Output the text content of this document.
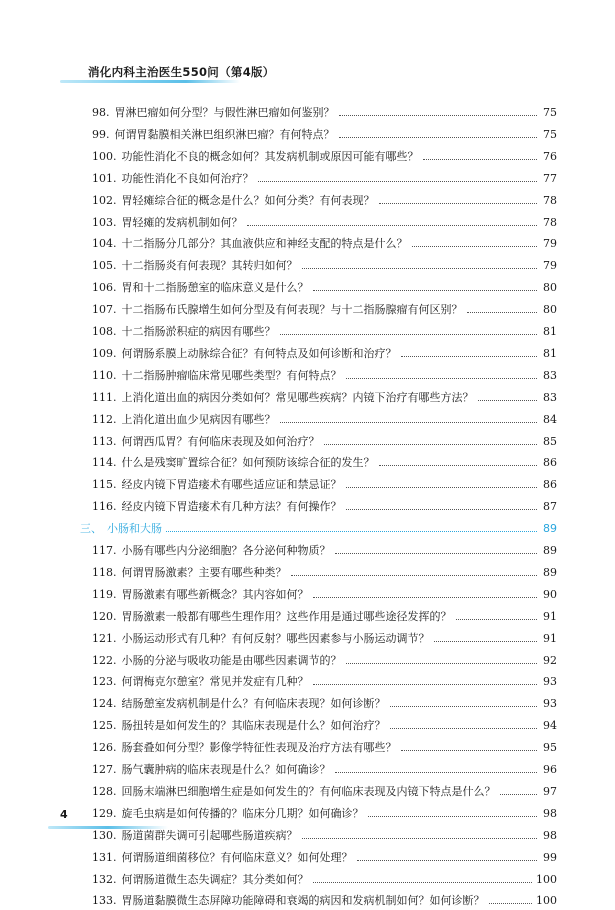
消化内科主治医生550问（第4版）
98. 胃淋巴瘤如何分型？与假性淋巴瘤如何鉴别？	75
99. 何谓胃黏膜相关淋巴组织淋巴瘤？有何特点？	75
100. 功能性消化不良的概念如何？其发病机制或原因可能有哪些？	76
101. 功能性消化不良如何治疗？	77
102. 胃轻瘫综合征的概念是什么？如何分类？有何表现？	78
103. 胃轻瘫的发病机制如何？	78
104. 十二指肠分几部分？其血液供应和神经支配的特点是什么？	79
105. 十二指肠炎有何表现？其转归如何？	79
106. 胃和十二指肠憩室的临床意义是什么？	80
107. 十二指肠布氏腺增生如何分型及有何表现？与十二指肠腺瘤有何区别？	80
108. 十二指肠淤积症的病因有哪些？	81
109. 何谓肠系膜上动脉综合征？有何特点及如何诊断和治疗？	81
110. 十二指肠肿瘤临床常见哪些类型？有何特点？	83
111. 上消化道出血的病因分类如何？常见哪些疾病？内镜下治疗有哪些方法？	83
112. 上消化道出血少见病因有哪些？	84
113. 何谓西瓜胃？有何临床表现及如何治疗？	85
114. 什么是残窦旷置综合征？如何预防该综合征的发生？	86
115. 经皮内镜下胃造瘘术有哪些适应证和禁忌证？	86
116. 经皮内镜下胃造瘘术有几种方法？有何操作？	87
三、 小肠和大肠	89
117. 小肠有哪些内分泌细胞？各分泌何种物质？	89
118. 何谓胃肠激素？主要有哪些种类？	89
119. 胃肠激素有哪些新概念？其内容如何？	90
120. 胃肠激素一般都有哪些生理作用？这些作用是通过哪些途径发挥的？	91
121. 小肠运动形式有几种？有何反射？哪些因素参与小肠运动调节？	91
122. 小肠的分泌与吸收功能是由哪些因素调节的？	92
123. 何谓梅克尔憩室？常见并发症有几种？	93
124. 结肠憩室发病机制是什么？有何临床表现？如何诊断？	93
125. 肠扭转是如何发生的？其临床表现是什么？如何治疗？	94
126. 肠套叠如何分型？影像学特征性表现及治疗方法有哪些？	95
127. 肠气囊肿病的临床表现是什么？如何确诊？	96
128. 回肠末端淋巴细胞增生症是如何发生的？有何临床表现及内镜下特点是什么？	97
129. 旋毛虫病是如何传播的？临床分几期？如何确诊？	98
130. 肠道菌群失调可引起哪些肠道疾病？	98
131. 何谓肠道细菌移位？有何临床意义？如何处理？	99
132. 何谓肠道微生态失调症？其分类如何？	100
133. 胃肠道黏膜微生态屏障功能障碍和衰竭的病因和发病机制如何？如何诊断？	100
4
